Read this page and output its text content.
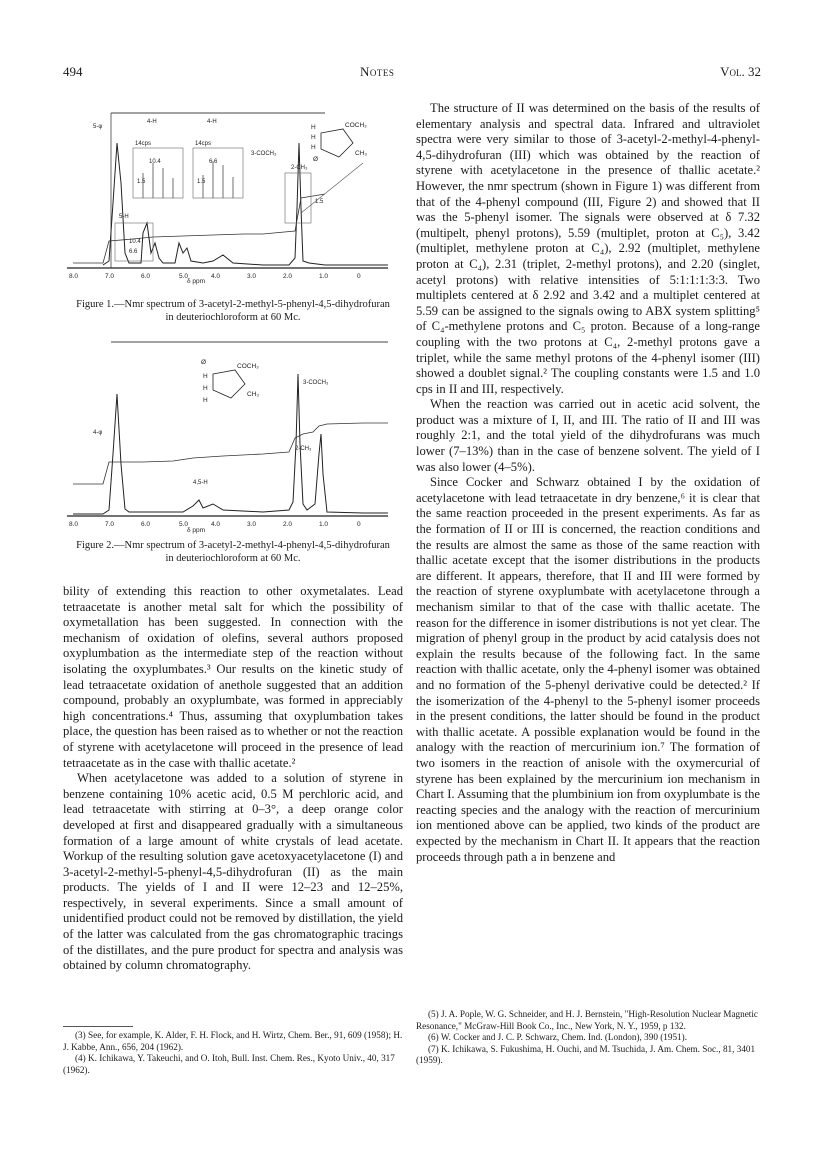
494	Notes	Vol. 32
8.0	7.0	6.0	5.0	4.0	3.0	2.0	1.0	0
δ ppm
5-φ
4-H	4-H
14cps	14cps
10.4	6.6
1.5	1.5
1.5
5-H
10.4
6.6
3-COCH₃
2-CH₃
COCH₃
CH₃
H
H
H
Ø
Figure 1.—Nmr spectrum of 3-acetyl-2-methyl-5-phenyl-4,5-dihydrofuran in deuteriochloroform at 60 Mc.
8.0	7.0	6.0	5.0	4.0	3.0	2.0	1.0	0
δ ppm
4-φ
4,5-H
3-COCH₃
2-CH₃
COCH₃
CH₃
Ø
H
H
H
Figure 2.—Nmr spectrum of 3-acetyl-2-methyl-4-phenyl-4,5-dihydrofuran in deuteriochloroform at 60 Mc.

bility of extending this reaction to other oxymetalates. Lead tetraacetate is another metal salt for which the possibility of oxymetallation has been suggested. In connection with the mechanism of oxidation of olefins, several authors proposed oxyplumbation as the intermediate step of the reaction without isolating the oxyplumbates.³ Our results on the kinetic study of lead tetraacetate oxidation of anethole suggested that an addition compound, probably an oxyplumbate, was formed in appreciably high concentrations.⁴ Thus, assuming that oxyplumbation takes place, the question has been raised as to whether or not the reaction of styrene with acetylacetone will proceed in the presence of lead tetraacetate as in the case with thallic acetate.²

When acetylacetone was added to a solution of styrene in benzene containing 10% acetic acid, 0.5 M perchloric acid, and lead tetraacetate with stirring at 0–3°, a deep orange color developed at first and disappeared gradually with a simultaneous formation of a large amount of white crystals of lead acetate. Workup of the resulting solution gave acetoxyacetylacetone (I) and 3-acetyl-2-methyl-5-phenyl-4,5-dihydrofuran (II) as the main products. The yields of I and II were 12–23 and 12–25%, respectively, in several experiments. Since a small amount of unidentified product could not be removed by distillation, the yield of the latter was calculated from the gas chromatographic tracings of the distillates, and the pure product for spectra and analysis was obtained by column chromatography.

The structure of II was determined on the basis of the results of elementary analysis and spectral data. Infrared and ultraviolet spectra were very similar to those of 3-acetyl-2-methyl-4-phenyl-4,5-dihydrofuran (III) which was obtained by the reaction of styrene with acetylacetone in the presence of thallic acetate.² However, the nmr spectrum (shown in Figure 1) was different from that of the 4-phenyl compound (III, Figure 2) and showed that II was the 5-phenyl isomer. The signals were observed at δ 7.32 (multipelt, phenyl protons), 5.59 (multiplet, proton at C₅), 3.42 (multiplet, methylene proton at C₄), 2.92 (multiplet, methylene proton at C₄), 2.31 (triplet, 2-methyl protons), and 2.20 (singlet, acetyl protons) with relative intensities of 5:1:1:1:3:3. Two multiplets centered at δ 2.92 and 3.42 and a multiplet centered at 5.59 can be assigned to the signals owing to ABX system splitting⁵ of C₄-methylene protons and C₅ proton. Because of a long-range coupling with the two protons at C₄, 2-methyl protons gave a triplet, while the same methyl protons of the 4-phenyl isomer (III) showed a doublet signal.² The coupling constants were 1.5 and 1.0 cps in II and III, respectively.

When the reaction was carried out in acetic acid solvent, the product was a mixture of I, II, and III. The ratio of II and III was roughly 2:1, and the total yield of the dihydrofurans was much lower (7–13%) than in the case of benzene solvent. The yield of I was also lower (4–5%).

Since Cocker and Schwarz obtained I by the oxidation of acetylacetone with lead tetraacetate in dry benzene,⁶ it is clear that the same reaction proceeded in the present experiments. As far as the formation of II or III is concerned, the reaction conditions and the results are almost the same as those of the same reaction with thallic acetate except that the isomer distributions in the products are different. It appears, therefore, that II and III were formed by the reaction of styrene oxyplumbate with acetylacetone through a mechanism similar to that of the case with thallic acetate. The reason for the difference in isomer distributions is not yet clear. The migration of phenyl group in the product by acid catalysis does not explain the results because of the following fact. In the same reaction with thallic acetate, only the 4-phenyl isomer was obtained and no formation of the 5-phenyl derivative could be detected.² If the isomerization of the 4-phenyl to the 5-phenyl isomer proceeds in the present conditions, the latter should be found in the product with thallic acetate. A possible explanation would be found in the analogy with the reaction of mercurinium ion.⁷ The formation of two isomers in the reaction of anisole with the oxymercurial of styrene has been explained by the mercurinium ion mechanism in Chart I. Assuming that the plumbinium ion from oxyplumbate is the reacting species and the analogy with the reaction of mercurinium ion mentioned above can be applied, two kinds of the product are expected by the mechanism in Chart II. It appears that the reaction proceeds through path a in benzene and

(3) See, for example, K. Alder, F. H. Flock, and H. Wirtz, Chem. Ber., 91, 609 (1958); H. J. Kabbe, Ann., 656, 204 (1962).

(4) K. Ichikawa, Y. Takeuchi, and O. Itoh, Bull. Inst. Chem. Res., Kyoto Univ., 40, 317 (1962).

(5) J. A. Pople, W. G. Schneider, and H. J. Bernstein, "High-Resolution Nuclear Magnetic Resonance," McGraw-Hill Book Co., Inc., New York, N. Y., 1959, p 132.

(6) W. Cocker and J. C. P. Schwarz, Chem. Ind. (London), 390 (1951).

(7) K. Ichikawa, S. Fukushima, H. Ouchi, and M. Tsuchida, J. Am. Chem. Soc., 81, 3401 (1959).
